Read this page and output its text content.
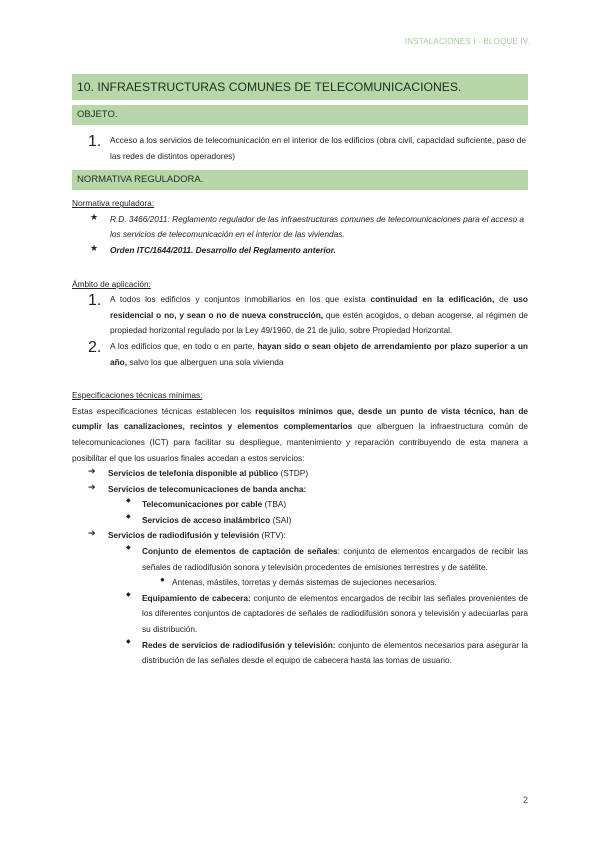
INSTALACIONES I - BLOQUE IV.
10. INFRAESTRUCTURAS COMUNES DE TELECOMUNICACIONES.
OBJETO.
1.	Acceso a los servicios de telecomunicación en el interior de los edificios (obra civil, capacidad suficiente, paso de las redes de distintos operadores)

NORMATIVA REGULADORA.
Normativa reguladora:
★	R.D. 3466/2011: Reglamento regulador de las infraestructuras comunes de telecomunicaciones para el acceso a los servicios de telecomunicación en el interior de las viviendas.

★	Orden ITC/1644/2011. Desarrollo del Reglamento anterior.

Ámbito de aplicación:
1.	A todos los edificios y conjuntos inmobiliarios en los que exista continuidad en la edificación, de uso residencial o no, y sean o no de nueva construcción, que estén acogidos, o deban acogerse, al régimen de propiedad horizontal regulado por la Ley 49/1960, de 21 de julio, sobre Propiedad Horizontal.

2.	A los edificios que, en todo o en parte, hayan sido o sean objeto de arrendamiento por plazo superior a un año, salvo los que alberguen una sola vivienda

Especificaciones técnicas mínimas:

Estas especificaciones técnicas establecen los requisitos mínimos que, desde un punto de vista técnico, han de cumplir las canalizaciones, recintos y elementos complementarios que alberguen la infraestructura común de telecomunicaciones (ICT) para facilitar su despliegue, mantenimiento y reparación contribuyendo de esta manera a posibilitar el que los usuarios finales accedan a estos servicios:

➔	Servicios de telefonía disponible al público (STDP)

➔	Servicios de telecomunicaciones de banda ancha:

◆	Telecomunicaciones por cable (TBA)

◆	Servicios de acceso inalámbrico (SAI)

➔	Servicios de radiodifusión y televisión (RTV):

◆	Conjunto de elementos de captación de señales: conjunto de elementos encargados de recibir las señales de radiodifusión sonora y televisión procedentes de emisiones terrestres y de satélite.

● Antenas, mástiles, torretas y demás sistemas de sujeciones necesarios.

◆	Equipamiento de cabecera: conjunto de elementos encargados de recibir las señales provenientes de los diferentes conjuntos de captadores de señales de radiodifusión sonora y televisión y adecuarlas para su distribución.

◆	Redes de servicios de radiodifusión y televisión: conjunto de elementos necesarios para asegurar la distribución de las señales desde el equipo de cabecera hasta las tomas de usuario.

2
